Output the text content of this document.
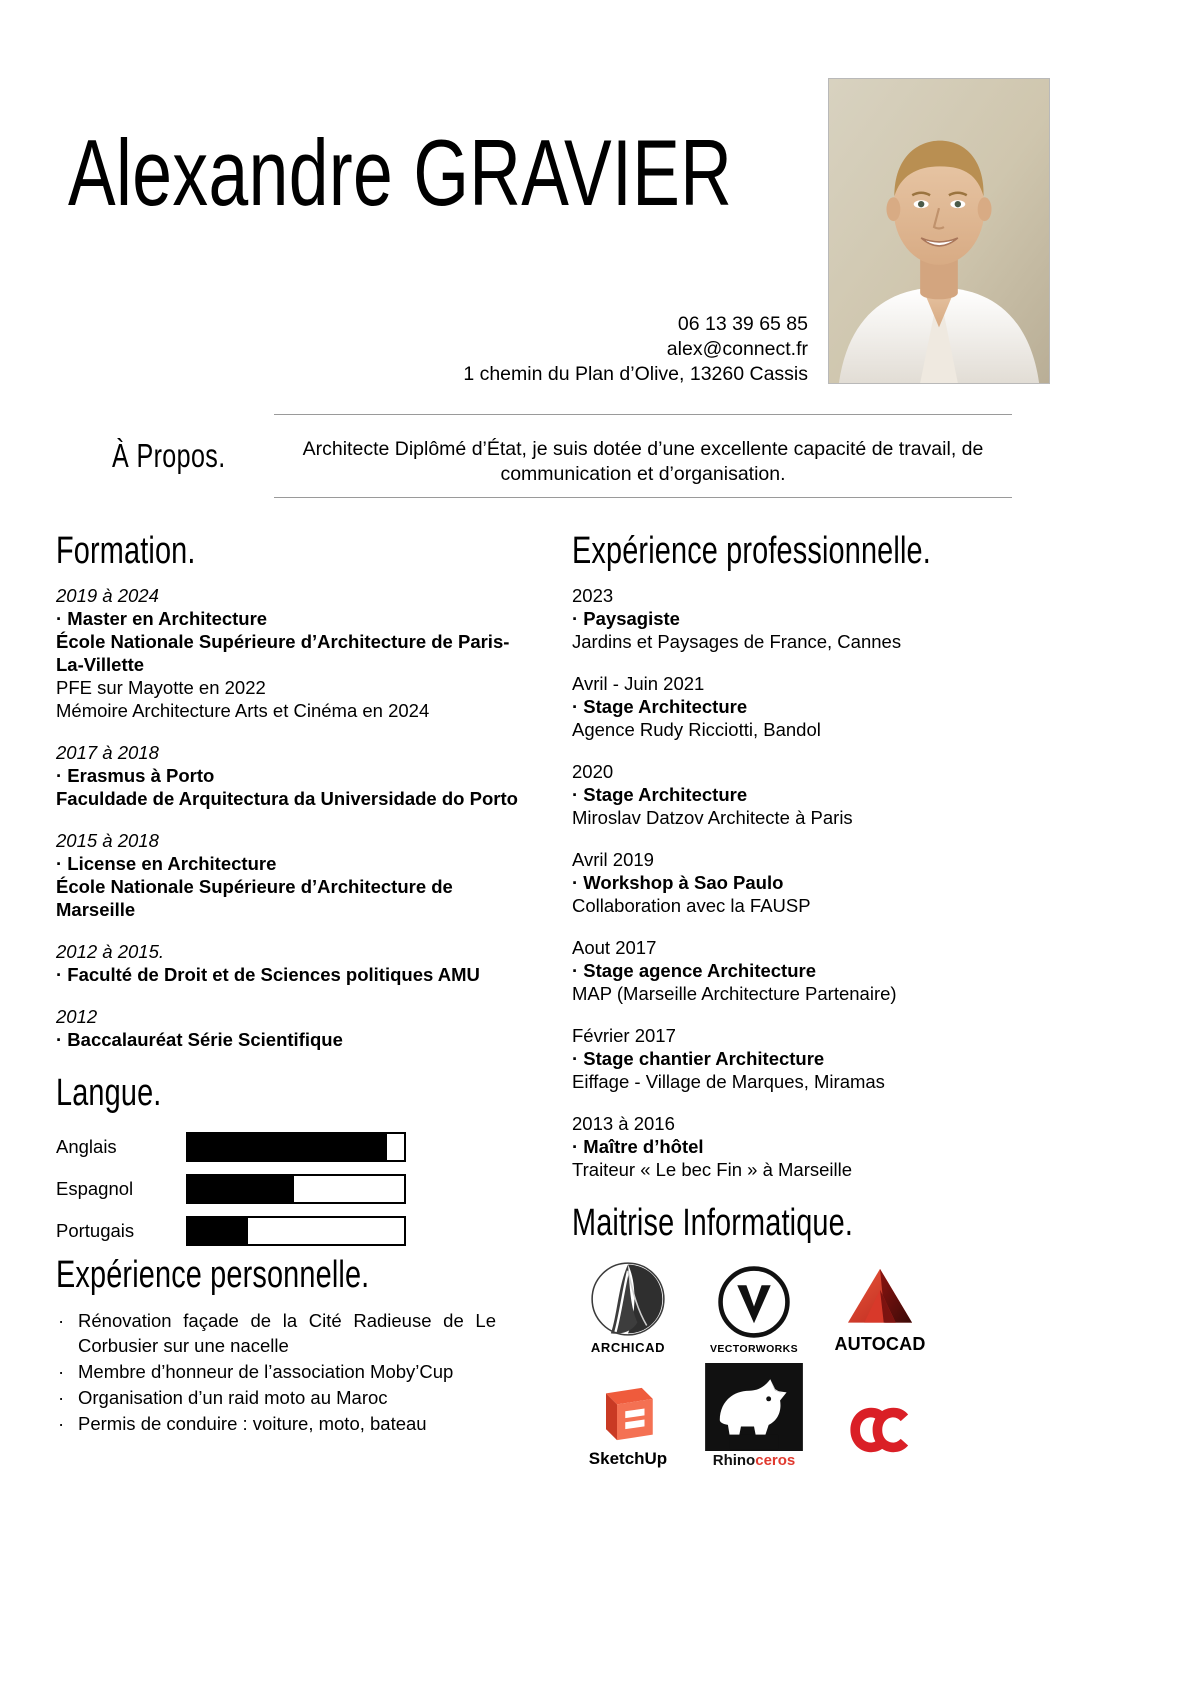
Alexandre GRAVIER
06 13 39 65 85
alex@connect.fr
1 chemin du Plan d’Olive, 13260 Cassis
À Propos.	Architecte Diplômé d’État, je suis dotée d’une excellente capacité de travail, de communication et d’organisation.
Formation.
2019 à 2024
· Master en Architecture
École Nationale Supérieure d’Architecture de Paris-La-Villette
PFE sur Mayotte en 2022
Mémoire Architecture Arts et Cinéma en 2024
2017 à 2018
· Erasmus à Porto
Faculdade de Arquitectura da Universidade do Porto
2015 à 2018
· License en Architecture
École Nationale Supérieure d’Architecture de Marseille
2012 à 2015.
· Faculté de Droit et de Sciences politiques AMU
2012
· Baccalauréat Série Scientifique
Langue.
Anglais
Espagnol
Portugais
Expérience personnelle.
· Rénovation façade de la Cité Radieuse de Le Corbusier sur une nacelle
· Membre d’honneur de l’association Moby’Cup
· Organisation d’un raid moto au Maroc
· Permis de conduire : voiture, moto, bateau
Expérience professionnelle.
2023
· Paysagiste
Jardins et Paysages de France, Cannes
Avril - Juin 2021
· Stage Architecture
Agence Rudy Ricciotti, Bandol
2020
· Stage Architecture
Miroslav Datzov Architecte à Paris
Avril 2019
· Workshop à Sao Paulo
Collaboration avec la FAUSP
Aout 2017
· Stage agence Architecture
MAP (Marseille Architecture Partenaire)
Février 2017
· Stage chantier Architecture
Eiffage - Village de Marques, Miramas
2013 à 2016
· Maître d’hôtel
Traiteur « Le bec Fin » à Marseille
Maitrise Informatique.
ARCHICAD	VECTORWORKS	AUTOCAD
SketchUp	Rhinoceros
